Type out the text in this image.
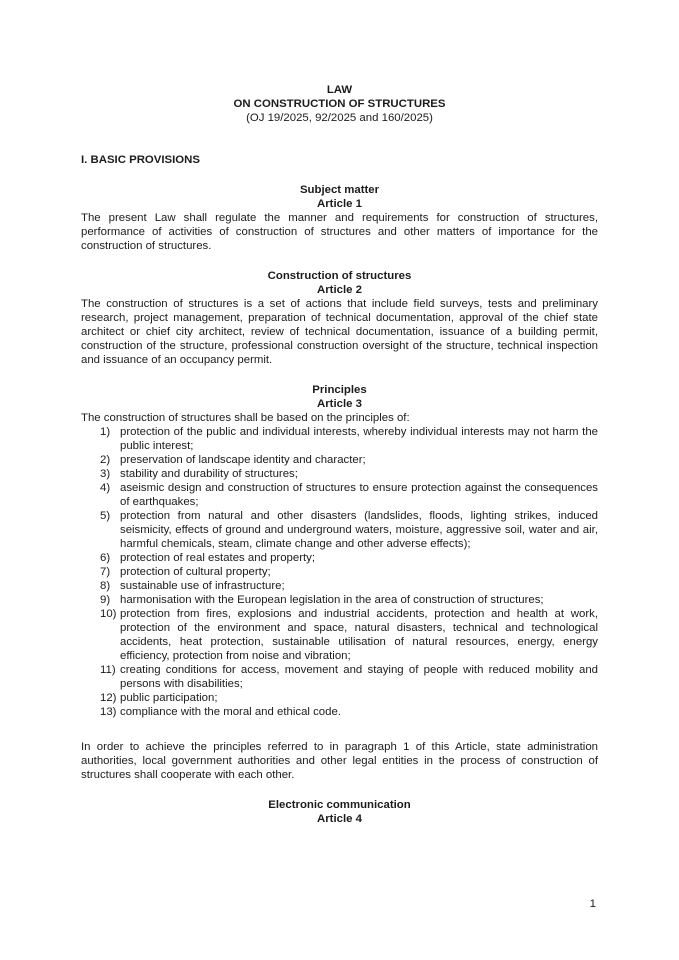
LAW
ON CONSTRUCTION OF STRUCTURES
(OJ 19/2025, 92/2025 and 160/2025)
I. BASIC PROVISIONS
Subject matter
Article 1
The present Law shall regulate the manner and requirements for construction of structures, performance of activities of construction of structures and other matters of importance for the construction of structures.
Construction of structures
Article 2
The construction of structures is a set of actions that include field surveys, tests and preliminary research, project management, preparation of technical documentation, approval of the chief state architect or chief city architect, review of technical documentation, issuance of a building permit, construction of the structure, professional construction oversight of the structure, technical inspection and issuance of an occupancy permit.
Principles
Article 3
The construction of structures shall be based on the principles of:
1) protection of the public and individual interests, whereby individual interests may not harm the public interest;
2) preservation of landscape identity and character;
3) stability and durability of structures;
4) aseismic design and construction of structures to ensure protection against the consequences of earthquakes;
5) protection from natural and other disasters (landslides, floods, lighting strikes, induced seismicity, effects of ground and underground waters, moisture, aggressive soil, water and air, harmful chemicals, steam, climate change and other adverse effects);
6) protection of real estates and property;
7) protection of cultural property;
8) sustainable use of infrastructure;
9) harmonisation with the European legislation in the area of construction of structures;
10) protection from fires, explosions and industrial accidents, protection and health at work, protection of the environment and space, natural disasters, technical and technological accidents, heat protection, sustainable utilisation of natural resources, energy, energy efficiency, protection from noise and vibration;
11) creating conditions for access, movement and staying of people with reduced mobility and persons with disabilities;
12) public participation;
13) compliance with the moral and ethical code.
In order to achieve the principles referred to in paragraph 1 of this Article, state administration authorities, local government authorities and other legal entities in the process of construction of structures shall cooperate with each other.
Electronic communication
Article 4
1
